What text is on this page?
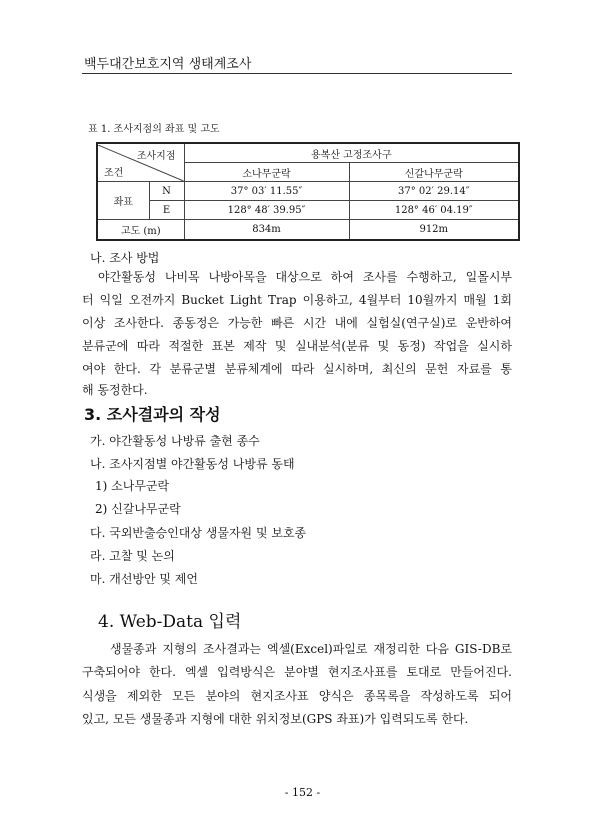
백두대간보호지역 생태계조사
표 1. 조사지점의 좌표 및 고도
조사지점
조건		용복산 고정조사구	
		소나무군락	신갈나무군락
좌표	N	37° 03′ 11.55″	37° 02′ 29.14″
	E	128° 48′ 39.95″	128° 46′ 04.19″
고도 (m)		834m	912m
나. 조사 방법
야간활동성 나비목 나방아목을 대상으로 하여 조사를 수행하고, 일몰시부
터 익일 오전까지 Bucket Light Trap 이용하고, 4월부터 10월까지 매월 1회
이상 조사한다. 종동정은 가능한 빠른 시간 내에 실험실(연구실)로 운반하여
분류군에 따라 적절한 표본 제작 및 실내분석(분류 및 동정) 작업을 실시하
여야 한다. 각 분류군별 분류체계에 따라 실시하며, 최신의 문헌 자료를 통
해 동정한다.
3. 조사결과의 작성
가. 야간활동성 나방류 출현 종수
나. 조사지점별 야간활동성 나방류 동태
1) 소나무군락
2) 신갈나무군락
다. 국외반출승인대상 생물자원 및 보호종
라. 고찰 및 논의
마. 개선방안 및 제언
4. Web-Data 입력
생물종과 지형의 조사결과는 엑셀(Excel)파일로 재정리한 다음 GIS-DB로
구축되어야 한다. 엑셀 입력방식은 분야별 현지조사표를 토대로 만들어진다.
식생을 제외한 모든 분야의 현지조사표 양식은 종목록을 작성하도록 되어
있고, 모든 생물종과 지형에 대한 위치정보(GPS 좌표)가 입력되도록 한다.
- 152 -
